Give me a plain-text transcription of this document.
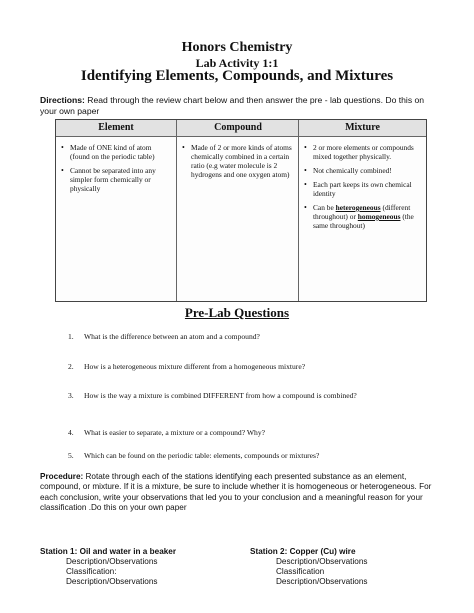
Honors Chemistry
Lab Activity 1:1
Identifying Elements, Compounds, and Mixtures
Directions: Read through the review chart below and then answer the pre - lab questions. Do this on your own paper
Element
• Made of ONE kind of atom (found on the periodic table)
• Cannot be separated into any simpler form chemically or physically
Compound
• Made of 2 or more kinds of atoms chemically combined in a certain ratio (e.g water molecule is 2 hydrogens and one oxygen atom)
Mixture
• 2 or more elements or compounds mixed together physically.
• Not chemically combined!
• Each part keeps its own chemical identity
• Can be heterogeneous (different throughout) or homogeneous (the same throughout)
Pre-Lab Questions
1. What is the difference between an atom and a compound?
2. How is a heterogeneous mixture different from a homogeneous mixture?
3. How is the way a mixture is combined DIFFERENT from how a compound is combined?
4. What is easier to separate, a mixture or a compound? Why?
5. Which can be found on the periodic table: elements, compounds or mixtures?
Procedure: Rotate through each of the stations identifying each presented substance as an element, compound, or mixture. If it is a mixture, be sure to include whether it is homogeneous or heterogeneous. For each conclusion, write your observations that led you to your conclusion and a meaningful reason for your classification .Do this on your own paper
Station 1: Oil and water in a beaker
Description/Observations
Classification:
Description/Observations
Station 2: Copper (Cu) wire
Description/Observations
Classification
Description/Observations
